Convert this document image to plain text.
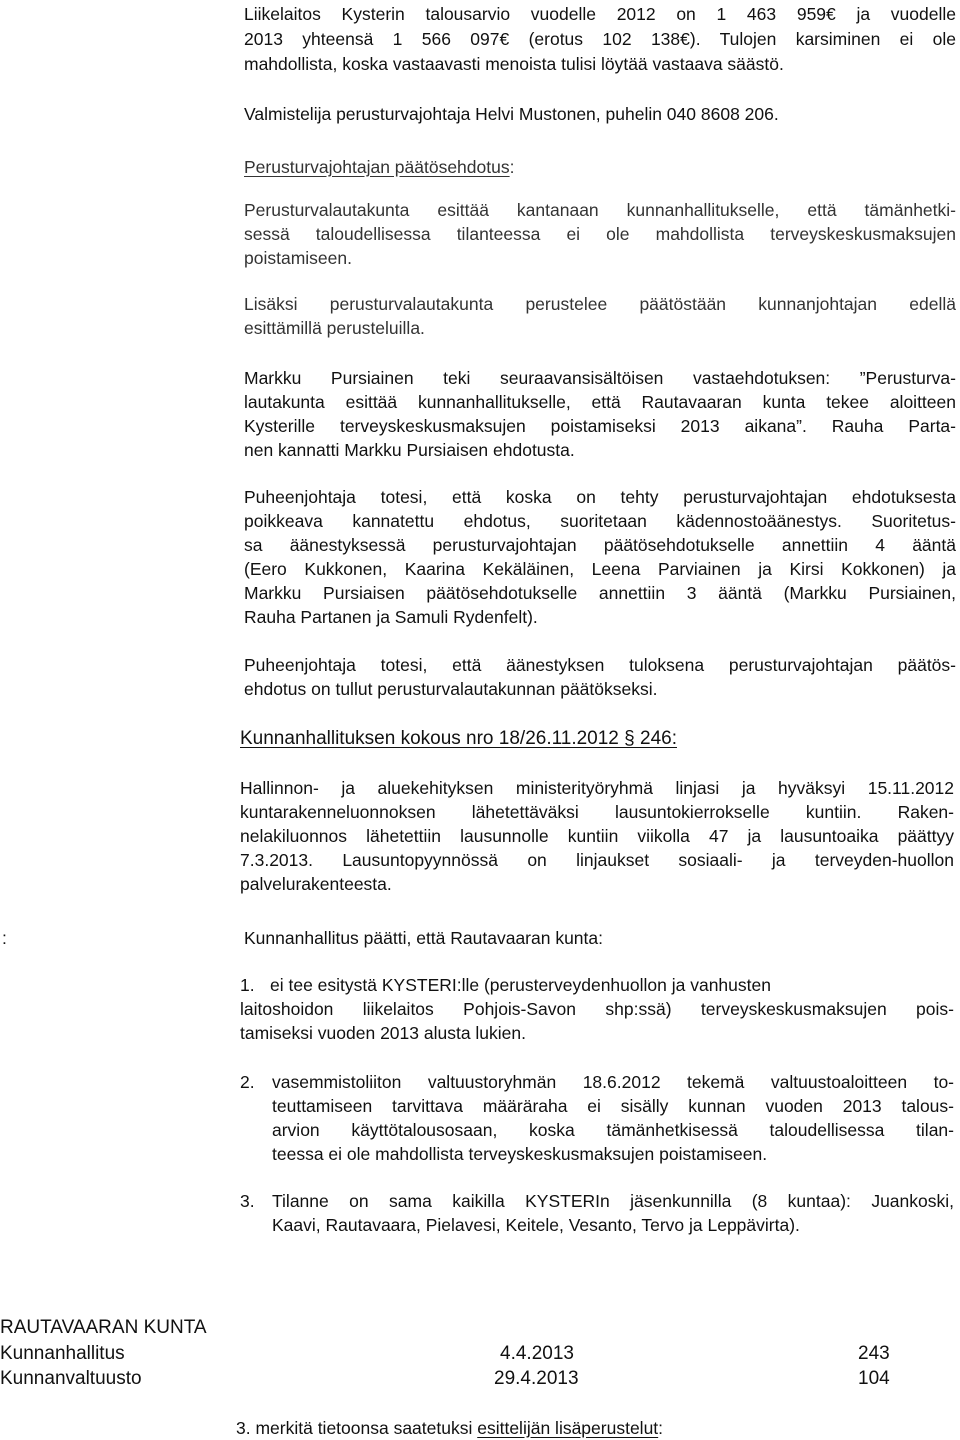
Liikelaitos Kysterin talousarvio vuodelle 2012 on 1 463 959€ ja vuodelle
2013 yhteensä 1 566 097€ (erotus 102 138€). Tulojen karsiminen ei ole
mahdollista, koska vastaavasti menoista tulisi löytää vastaava säästö.
Valmistelija perusturvajohtaja Helvi Mustonen, puhelin 040 8608 206.
Perusturvajohtajan päätösehdotus:
Perusturvalautakunta esittää kantanaan kunnanhallitukselle, että tämänhetki-
sessä taloudellisessa tilanteessa ei ole mahdollista terveyskeskusmaksujen
poistamiseen.
Lisäksi perusturvalautakunta perustelee päätöstään kunnanjohtajan edellä
esittämillä perusteluilla.
Markku Pursiainen teki seuraavansisältöisen vastaehdotuksen: ”Perusturva-
lautakunta esittää kunnanhallitukselle, että Rautavaaran kunta tekee aloitteen
Kysterille terveyskeskusmaksujen poistamiseksi 2013 aikana”. Rauha Parta-
nen kannatti Markku Pursiaisen ehdotusta.
Puheenjohtaja totesi, että koska on tehty perusturvajohtajan ehdotuksesta
poikkeava kannatettu ehdotus, suoritetaan kädennostoäänestys. Suoritetus-
sa äänestyksessä perusturvajohtajan päätösehdotukselle annettiin 4 ääntä
(Eero Kukkonen, Kaarina Kekäläinen, Leena Parviainen ja Kirsi Kokkonen) ja
Markku Pursiaisen päätösehdotukselle annettiin 3 ääntä (Markku Pursiainen,
Rauha Partanen ja Samuli Rydenfelt).
Puheenjohtaja totesi, että äänestyksen tuloksena perusturvajohtajan päätös-
ehdotus on tullut perusturvalautakunnan päätökseksi.
Kunnanhallituksen kokous nro 18/26.11.2012 § 246:
Hallinnon- ja aluekehityksen ministerityöryhmä linjasi ja hyväksyi 15.11.2012
kuntarakenneluonnoksen lähetettäväksi lausuntokierrokselle kuntiin. Raken-
nelakiluonnos lähetettiin lausunnolle kuntiin viikolla 47 ja lausuntoaika päättyy
7.3.2013. Lausuntopyynnössä on linjaukset sosiaali- ja terveyden-huollon
palvelurakenteesta.
:	Kunnanhallitus päätti, että Rautavaaran kunta:
1. ei tee esitystä KYSTERI:lle (perusterveydenhuollon ja vanhusten
laitoshoidon liikelaitos Pohjois-Savon shp:ssä) terveyskeskusmaksujen pois-
tamiseksi vuoden 2013 alusta lukien.
2. vasemmistoliiton valtuustoryhmän 18.6.2012 tekemä valtuustoaloitteen to-
teuttamiseen tarvittava määräraha ei sisälly kunnan vuoden 2013 talous-
arvion käyttötalousosaan, koska tämänhetkisessä taloudellisessa tilan-
teessa ei ole mahdollista terveyskeskusmaksujen poistamiseen.
3. Tilanne on sama kaikilla KYSTERIn jäsenkunnilla (8 kuntaa): Juankoski,
Kaavi, Rautavaara, Pielavesi, Keitele, Vesanto, Tervo ja Leppävirta).
RAUTAVAARAN KUNTA
Kunnanhallitus	4.4.2013	243
Kunnanvaltuusto	29.4.2013	104
3. merkitä tietoonsa saatetuksi esittelijän lisäperustelut:
